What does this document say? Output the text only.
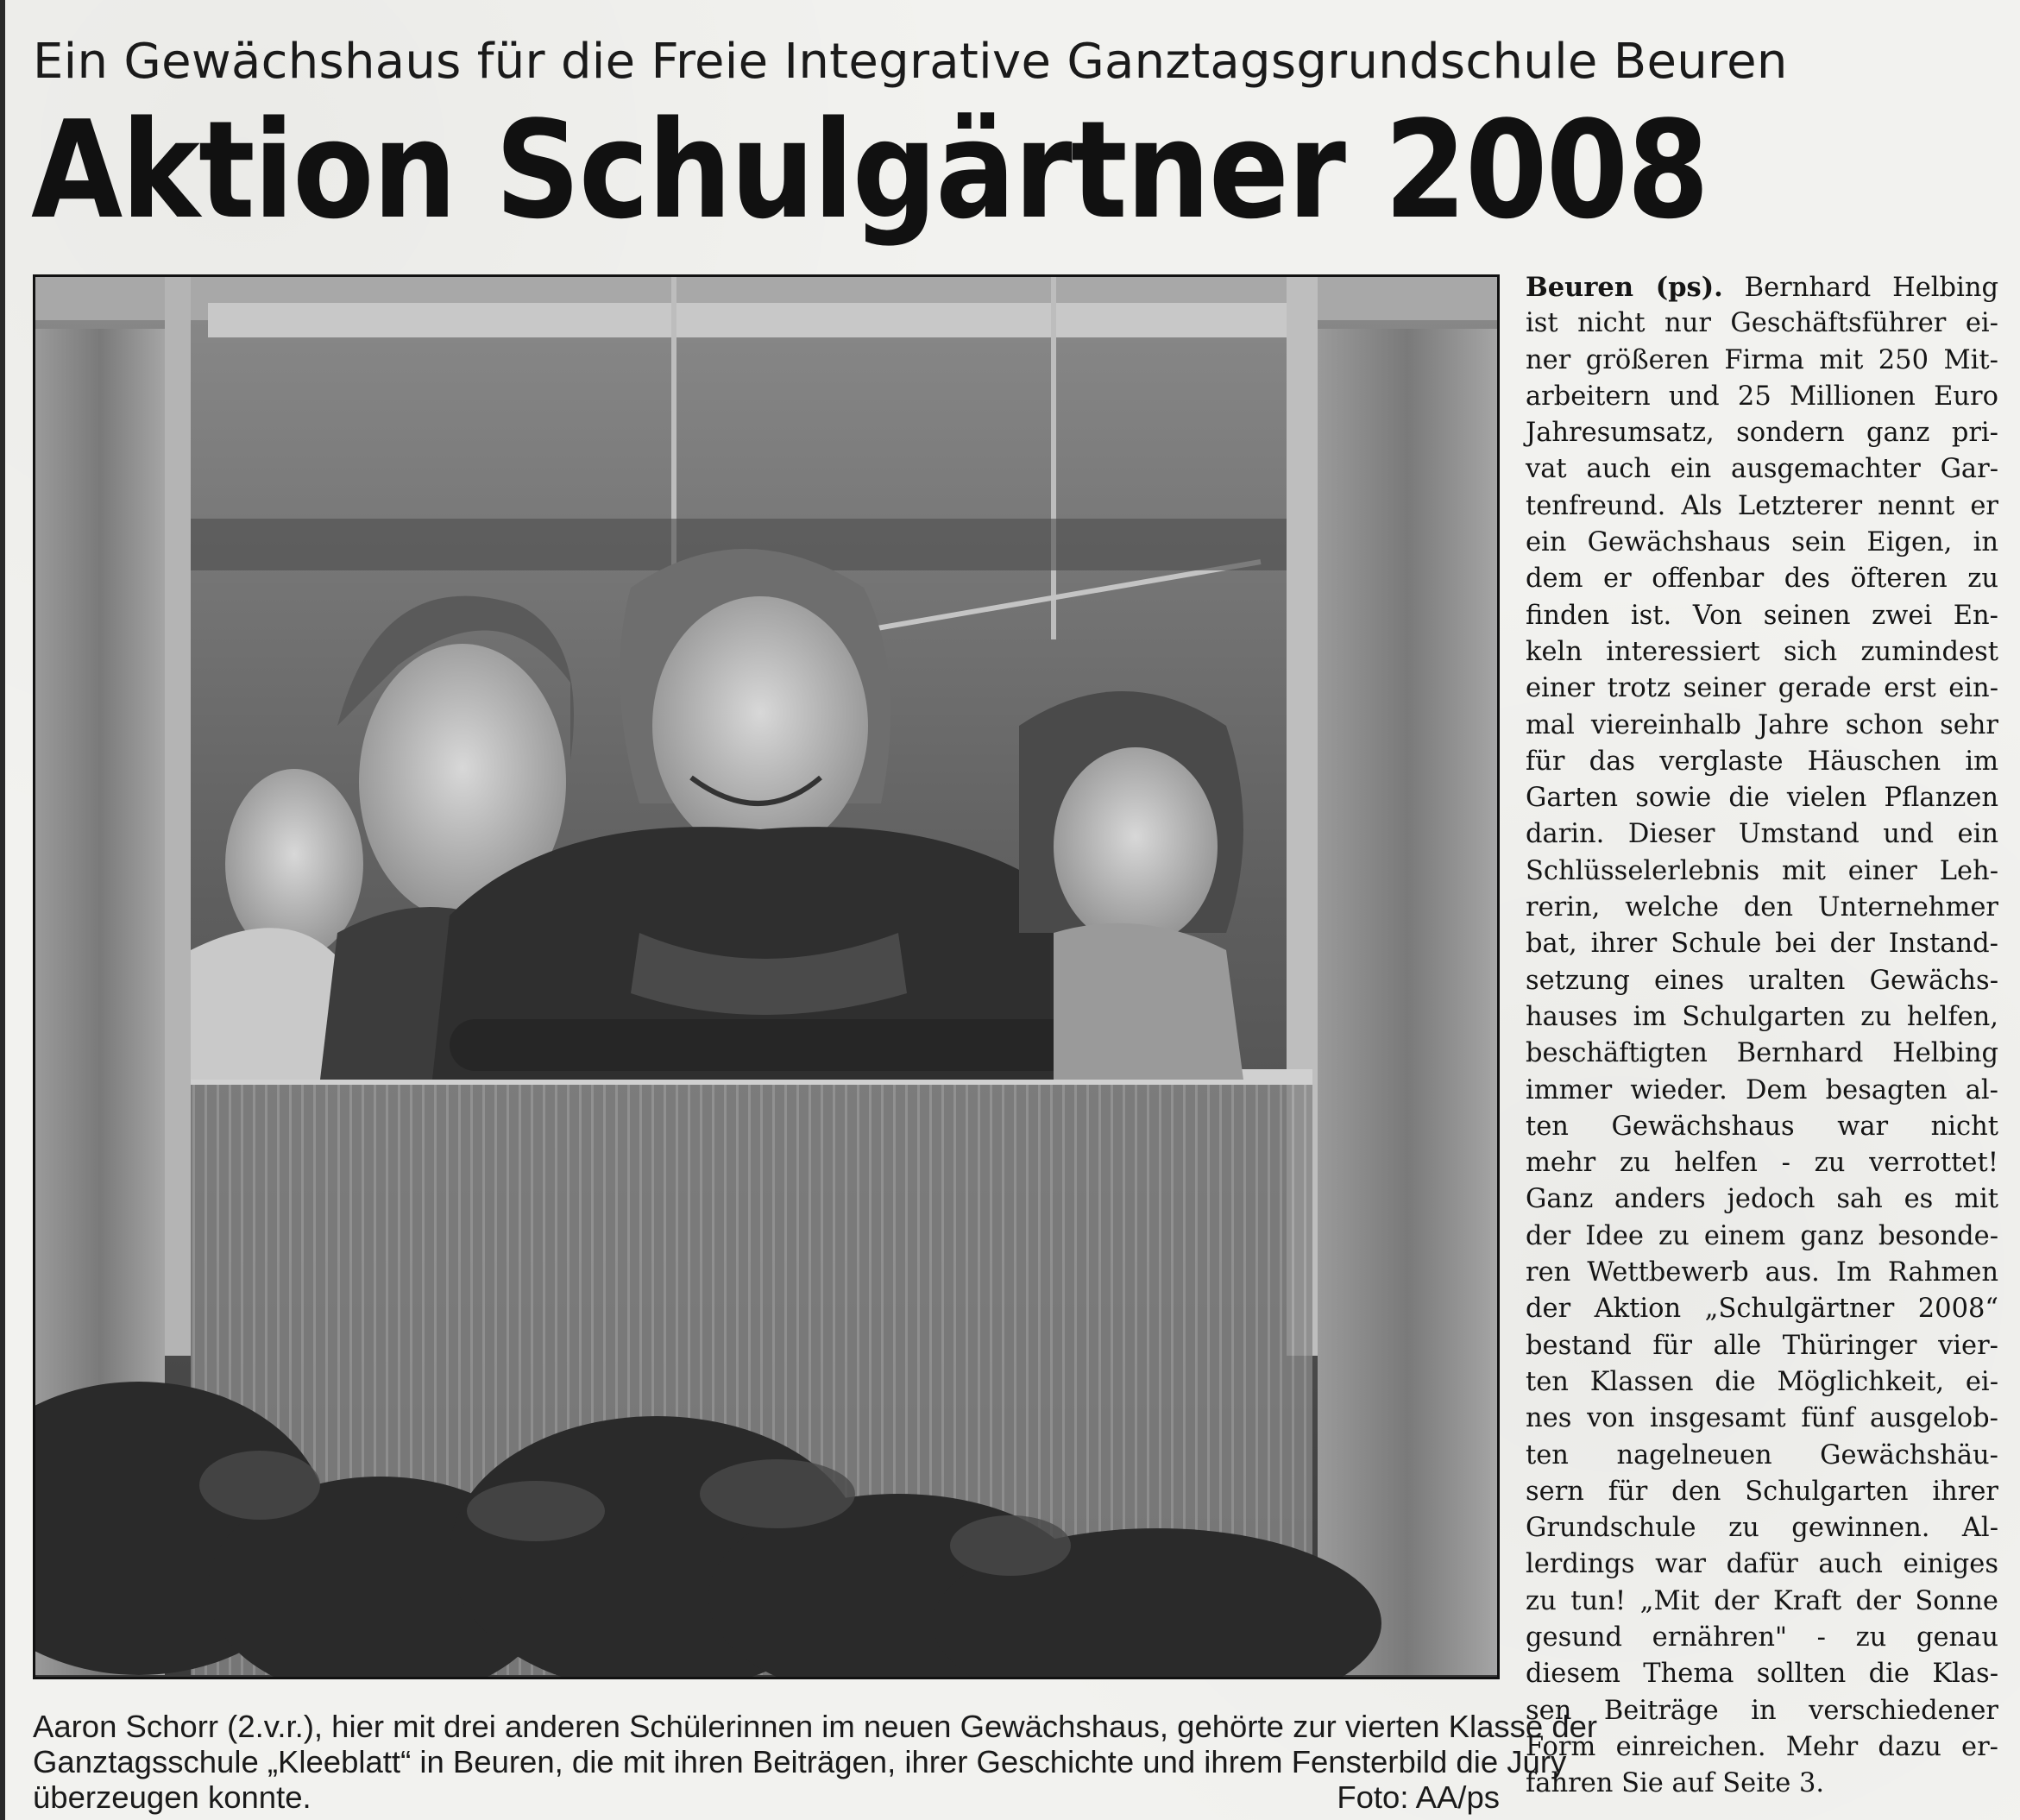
Ein Gewächshaus für die Freie Integrative Ganztagsgrundschule Beuren
Aktion Schulgärtner 2008
Aaron Schorr (2.v.r.), hier mit drei anderen Schülerinnen im neuen Gewächshaus, gehörte zur vierten Klasse der
Ganztagsschule „Kleeblatt“ in Beuren, die mit ihren Beiträgen, ihrer Geschichte und ihrem Fensterbild die Jury
überzeugen konnte.	Foto: AA/ps
Beuren (ps). Bernhard Helbing
ist nicht nur Geschäftsführer ei-
ner größeren Firma mit 250 Mit-
arbeitern und 25 Millionen Euro
Jahresumsatz, sondern ganz pri-
vat auch ein ausgemachter Gar-
tenfreund. Als Letzterer nennt er
ein Gewächshaus sein Eigen, in
dem er offenbar des öfteren zu
finden ist. Von seinen zwei En-
keln interessiert sich zumindest
einer trotz seiner gerade erst ein-
mal viereinhalb Jahre schon sehr
für das verglaste Häuschen im
Garten sowie die vielen Pflanzen
darin. Dieser Umstand und ein
Schlüsselerlebnis mit einer Leh-
rerin, welche den Unternehmer
bat, ihrer Schule bei der Instand-
setzung eines uralten Gewächs-
hauses im Schulgarten zu helfen,
beschäftigten Bernhard Helbing
immer wieder. Dem besagten al-
ten Gewächshaus war nicht
mehr zu helfen - zu verrottet!
Ganz anders jedoch sah es mit
der Idee zu einem ganz besonde-
ren Wettbewerb aus. Im Rahmen
der Aktion „Schulgärtner 2008“
bestand für alle Thüringer vier-
ten Klassen die Möglichkeit, ei-
nes von insgesamt fünf ausgelob-
ten nagelneuen Gewächshäu-
sern für den Schulgarten ihrer
Grundschule zu gewinnen. Al-
lerdings war dafür auch einiges
zu tun! „Mit der Kraft der Sonne
gesund ernähren" - zu genau
diesem Thema sollten die Klas-
sen Beiträge in verschiedener
Form einreichen. Mehr dazu er-
fahren Sie auf Seite 3.
